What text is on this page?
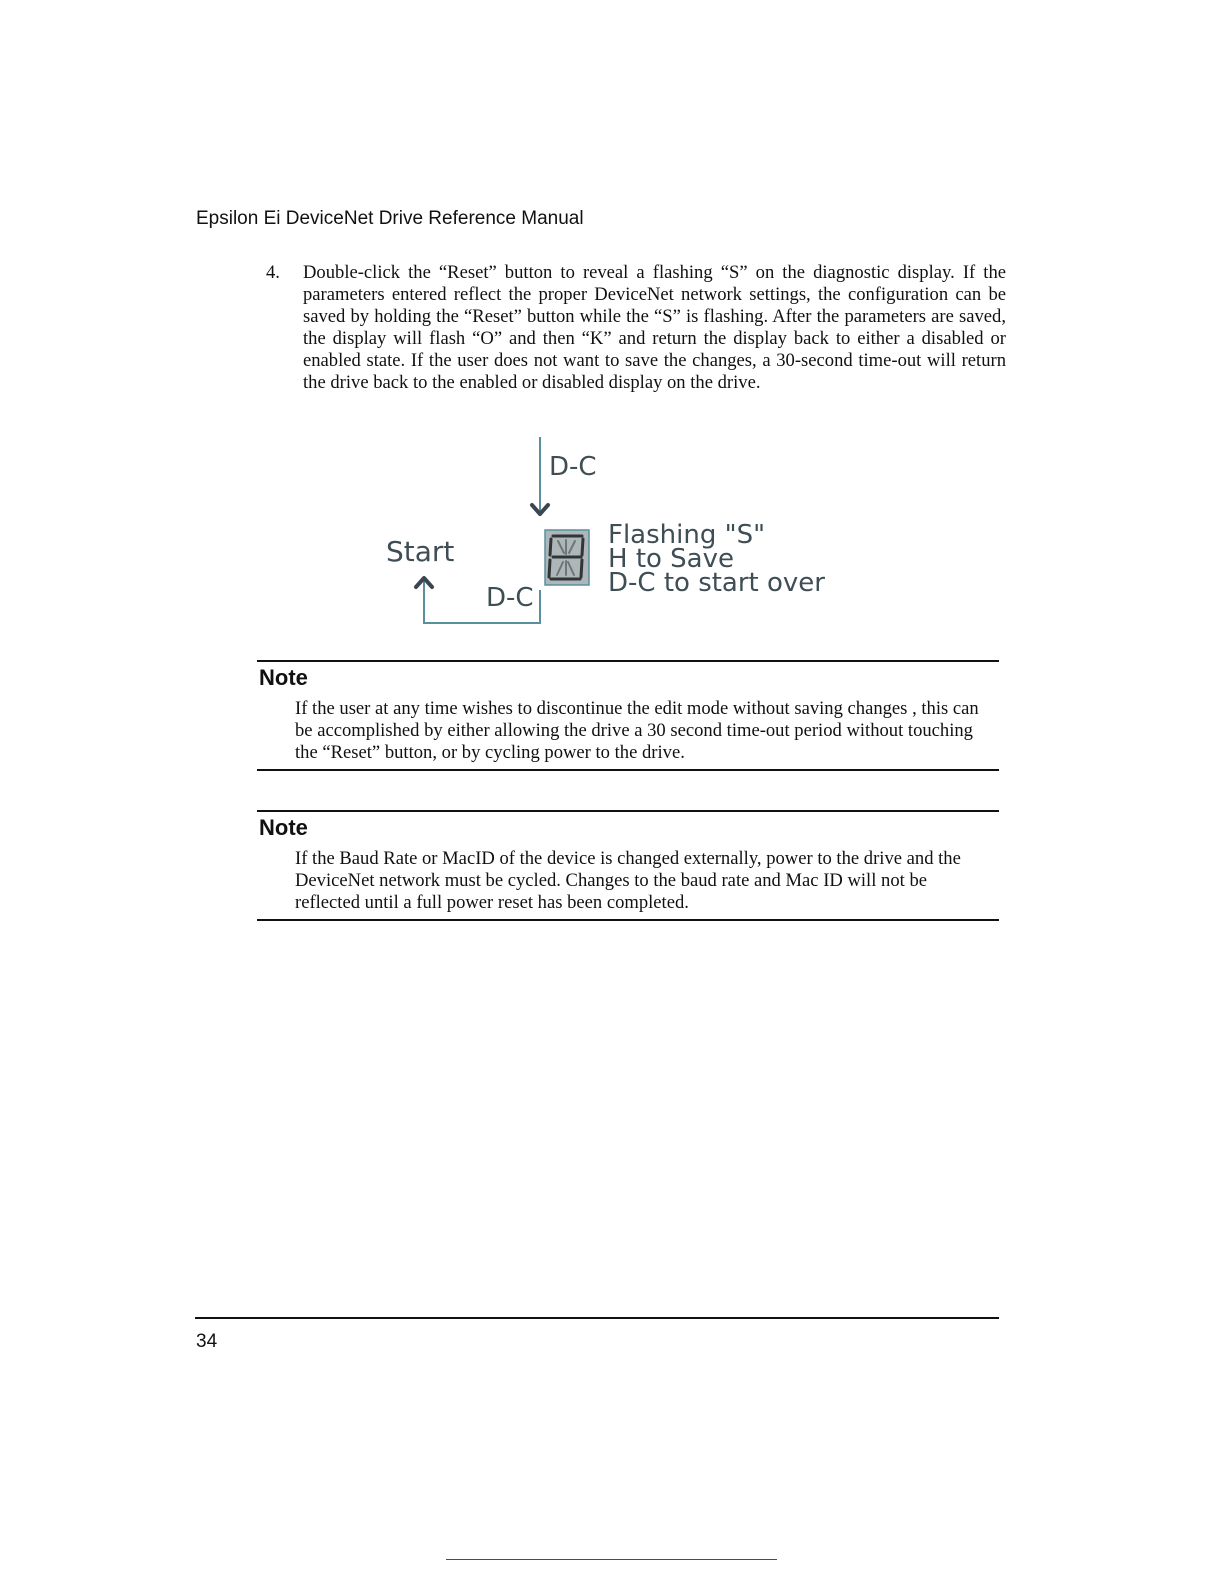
Epsilon Ei DeviceNet Drive Reference Manual
4. Double-click the “Reset” button to reveal a flashing “S” on the diagnostic display. If the parameters entered reflect the proper DeviceNet network settings, the configuration can be saved by holding the “Reset” button while the “S” is flashing. After the parameters are saved, the display will flash “O” and then “K” and return the display back to either a disabled or enabled state. If the user does not want to save the changes, a 30-second time-out will return the drive back to the enabled or disabled display on the drive.
D-C
Start
D-C
Flashing "S"
H to Save
D-C to start over
Note
If the user at any time wishes to discontinue the edit mode without saving changes , this can be accomplished by either allowing the drive a 30 second time-out period without touching the “Reset” button, or by cycling power to the drive.
Note
If the Baud Rate or MacID of the device is changed externally, power to the drive and the DeviceNet network must be cycled. Changes to the baud rate and Mac ID will not be reflected until a full power reset has been completed.
34
